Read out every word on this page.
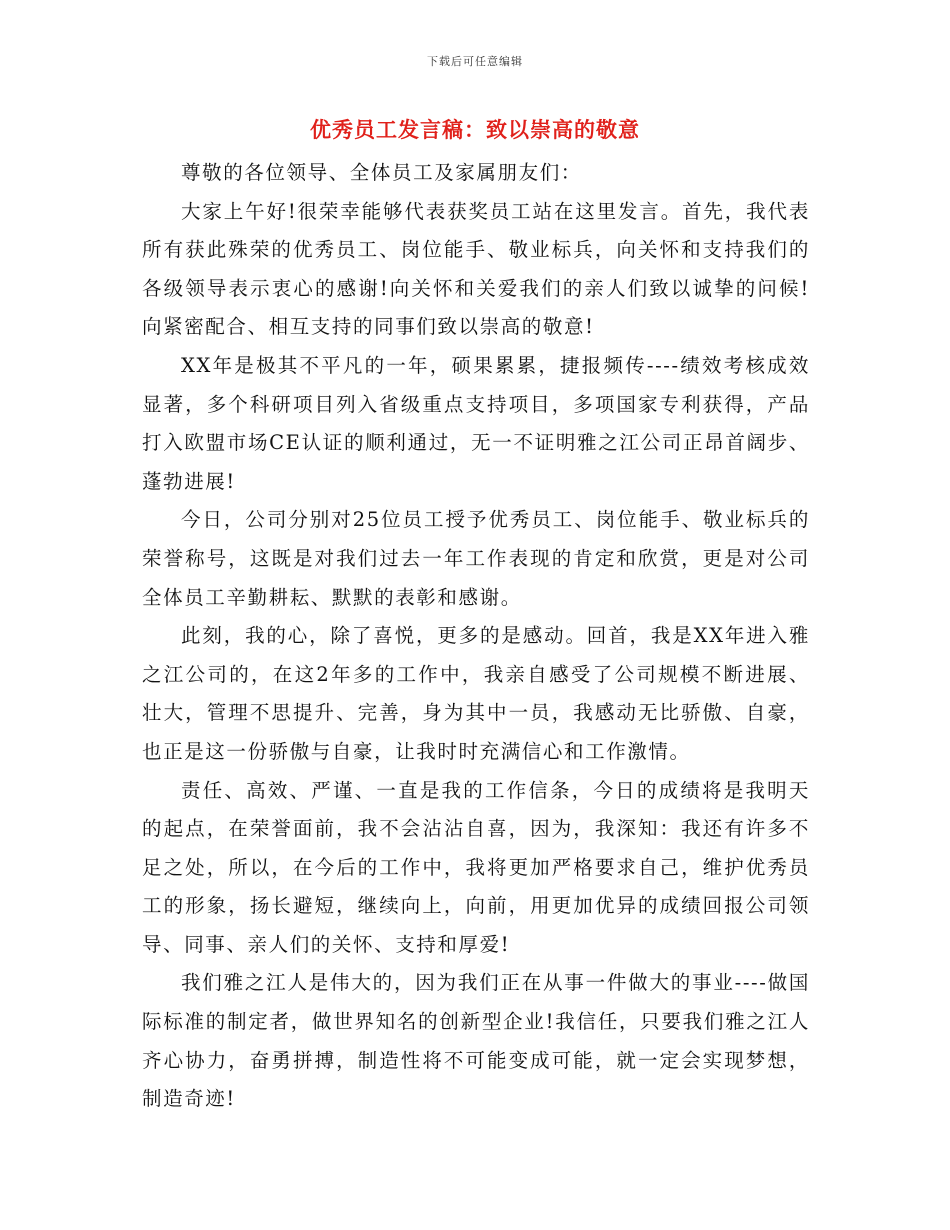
下载后可任意编辑
优秀员工发言稿：致以崇高的敬意

尊敬的各位领导、全体员工及家属朋友们：

大家上午好!很荣幸能够代表获奖员工站在这里发言。首先，我代表所有获此殊荣的优秀员工、岗位能手、敬业标兵，向关怀和支持我们的各级领导表示衷心的感谢!向关怀和关爱我们的亲人们致以诚挚的问候!向紧密配合、相互支持的同事们致以崇高的敬意!

XX年是极其不平凡的一年，硕果累累，捷报频传----绩效考核成效显著，多个科研项目列入省级重点支持项目，多项国家专利获得，产品打入欧盟市场CE认证的顺利通过，无一不证明雅之江公司正昂首阔步、蓬勃进展!

今日，公司分别对25位员工授予优秀员工、岗位能手、敬业标兵的荣誉称号，这既是对我们过去一年工作表现的肯定和欣赏，更是对公司全体员工辛勤耕耘、默默的表彰和感谢。

此刻，我的心，除了喜悦，更多的是感动。回首，我是XX年进入雅之江公司的，在这2年多的工作中，我亲自感受了公司规模不断进展、壮大，管理不思提升、完善，身为其中一员，我感动无比骄傲、自豪，也正是这一份骄傲与自豪，让我时时充满信心和工作激情。

责任、高效、严谨、一直是我的工作信条，今日的成绩将是我明天的起点，在荣誉面前，我不会沾沾自喜，因为，我深知：我还有许多不足之处，所以，在今后的工作中，我将更加严格要求自己，维护优秀员工的形象，扬长避短，继续向上，向前，用更加优异的成绩回报公司领导、同事、亲人们的关怀、支持和厚爱!

我们雅之江人是伟大的，因为我们正在从事一件做大的事业----做国际标准的制定者，做世界知名的创新型企业!我信任，只要我们雅之江人齐心协力，奋勇拼搏，制造性将不可能变成可能，就一定会实现梦想，制造奇迹!
